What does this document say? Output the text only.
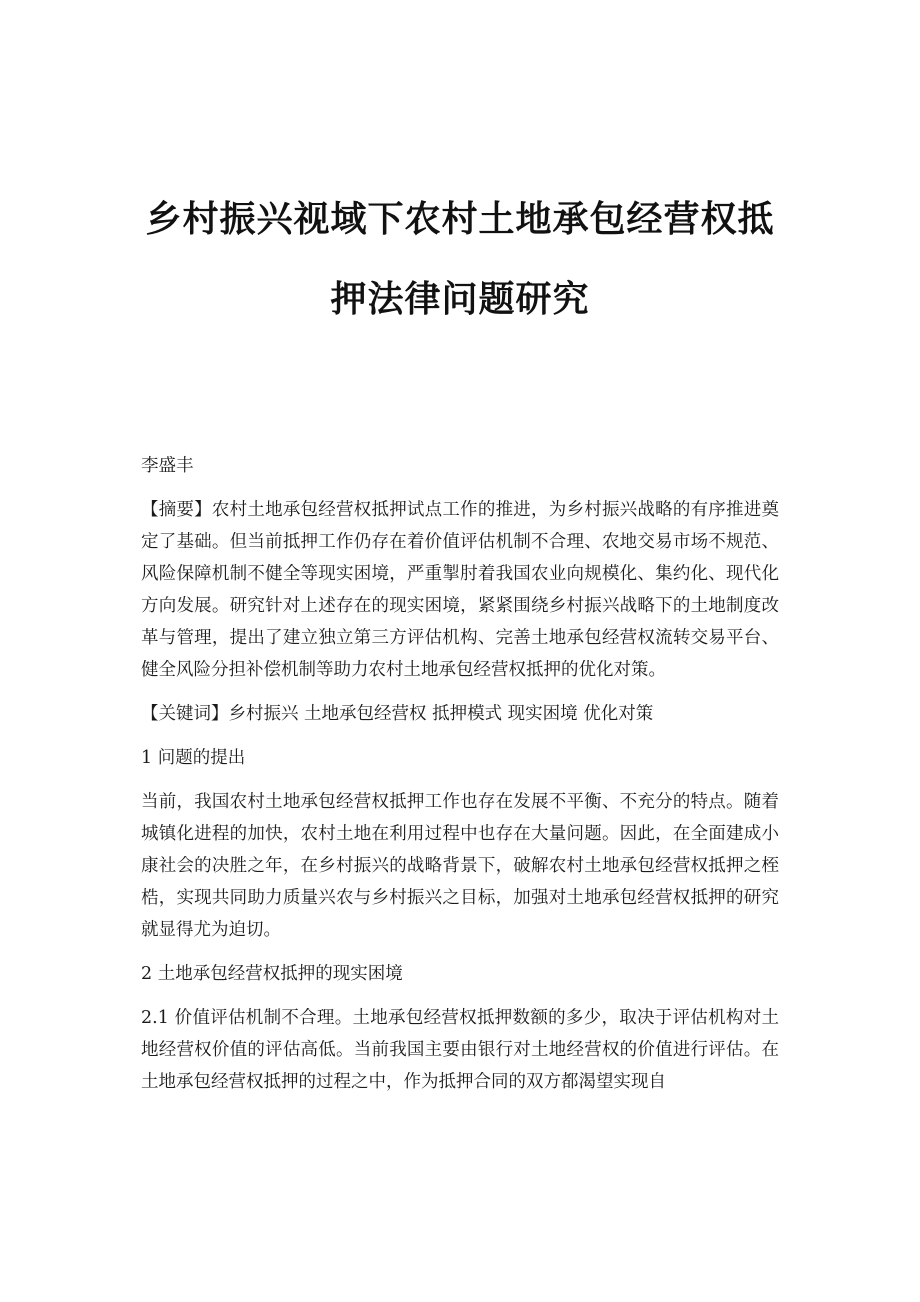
乡村振兴视域下农村土地承包经营权抵
押法律问题研究

李盛丰

【摘要】农村土地承包经营权抵押试点工作的推进，为乡村振兴战略的有序推进奠定了基础。但当前抵押工作仍存在着价值评估机制不合理、农地交易市场不规范、风险保障机制不健全等现实困境，严重掣肘着我国农业向规模化、集约化、现代化方向发展。研究针对上述存在的现实困境，紧紧围绕乡村振兴战略下的土地制度改革与管理，提出了建立独立第三方评估机构、完善土地承包经营权流转交易平台、健全风险分担补偿机制等助力农村土地承包经营权抵押的优化对策。

【关键词】乡村振兴 土地承包经营权 抵押模式 现实困境 优化对策

1 问题的提出

当前，我国农村土地承包经营权抵押工作也存在发展不平衡、不充分的特点。随着城镇化进程的加快，农村土地在利用过程中也存在大量问题。因此，在全面建成小康社会的决胜之年，在乡村振兴的战略背景下，破解农村土地承包经营权抵押之桎梏，实现共同助力质量兴农与乡村振兴之目标，加强对土地承包经营权抵押的研究就显得尤为迫切。

2 土地承包经营权抵押的现实困境

2.1 价值评估机制不合理。土地承包经营权抵押数额的多少，取决于评估机构对土地经营权价值的评估高低。当前我国主要由银行对土地经营权的价值进行评估。在土地承包经营权抵押的过程之中，作为抵押合同的双方都渴望实现自
